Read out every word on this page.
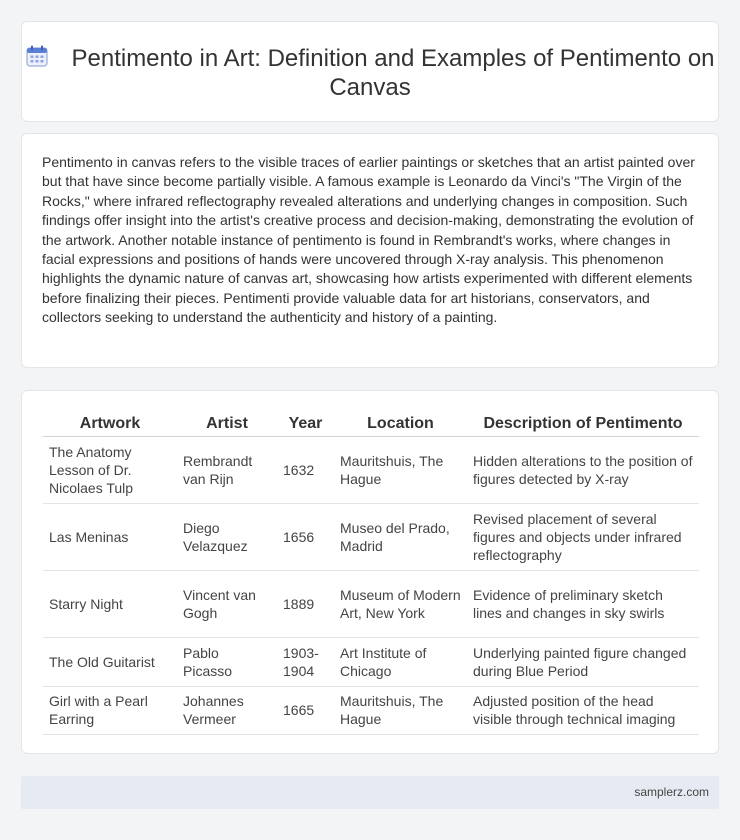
Pentimento in Art: Definition and Examples of Pentimento on Canvas

Pentimento in canvas refers to the visible traces of earlier paintings or sketches that an artist painted over but that have since become partially visible. A famous example is Leonardo da Vinci's "The Virgin of the Rocks," where infrared reflectography revealed alterations and underlying changes in composition. Such findings offer insight into the artist's creative process and decision-making, demonstrating the evolution of the artwork. Another notable instance of pentimento is found in Rembrandt's works, where changes in facial expressions and positions of hands were uncovered through X-ray analysis. This phenomenon highlights the dynamic nature of canvas art, showcasing how artists experimented with different elements before finalizing their pieces. Pentimenti provide valuable data for art historians, conservators, and collectors seeking to understand the authenticity and history of a painting.

Artwork	Artist	Year	Location	Description of Pentimento
The Anatomy Lesson of Dr. Nicolaes Tulp	Rembrandt van Rijn	1632	Mauritshuis, The Hague	Hidden alterations to the position of figures detected by X-ray
Las Meninas	Diego Velazquez	1656	Museo del Prado, Madrid	Revised placement of several figures and objects under infrared reflectography
Starry Night	Vincent van Gogh	1889	Museum of Modern Art, New York	Evidence of preliminary sketch lines and changes in sky swirls
The Old Guitarist	Pablo Picasso	1903-1904	Art Institute of Chicago	Underlying painted figure changed during Blue Period
Girl with a Pearl Earring	Johannes Vermeer	1665	Mauritshuis, The Hague	Adjusted position of the head visible through technical imaging
samplerz.com
